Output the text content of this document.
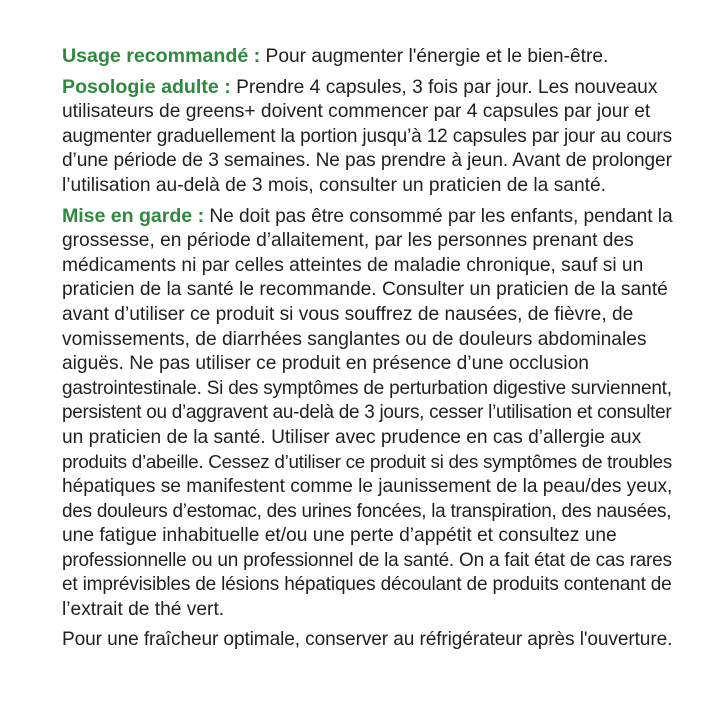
Usage recommandé : Pour augmenter l'énergie et le bien-être.

Posologie adulte : Prendre 4 capsules, 3 fois par jour. Les nouveaux
utilisateurs de greens+ doivent commencer par 4 capsules par jour et
augmenter graduellement la portion jusqu’à 12 capsules par jour au cours
d’une période de 3 semaines. Ne pas prendre à jeun. Avant de prolonger
l’utilisation au-delà de 3 mois, consulter un praticien de la santé.

Mise en garde : Ne doit pas être consommé par les enfants, pendant la
grossesse, en période d’allaitement, par les personnes prenant des
médicaments ni par celles atteintes de maladie chronique, sauf si un
praticien de la santé le recommande. Consulter un praticien de la santé
avant d’utiliser ce produit si vous souffrez de nausées, de fièvre, de
vomissements, de diarrhées sanglantes ou de douleurs abdominales
aiguës. Ne pas utiliser ce produit en présence d’une occlusion
gastrointestinale. Si des symptômes de perturbation digestive surviennent,
persistent ou d’aggravent au-delà de 3 jours, cesser l’utilisation et consulter
un praticien de la santé. Utiliser avec prudence en cas d’allergie aux
produits d’abeille. Cessez d’utiliser ce produit si des symptômes de troubles
hépatiques se manifestent comme le jaunissement de la peau/des yeux,
des douleurs d’estomac, des urines foncées, la transpiration, des nausées,
une fatigue inhabituelle et/ou une perte d’appétit et consultez une
professionnelle ou un professionnel de la santé. On a fait état de cas rares
et imprévisibles de lésions hépatiques découlant de produits contenant de
l’extrait de thé vert.

Pour une fraîcheur optimale, conserver au réfrigérateur après l'ouverture.
